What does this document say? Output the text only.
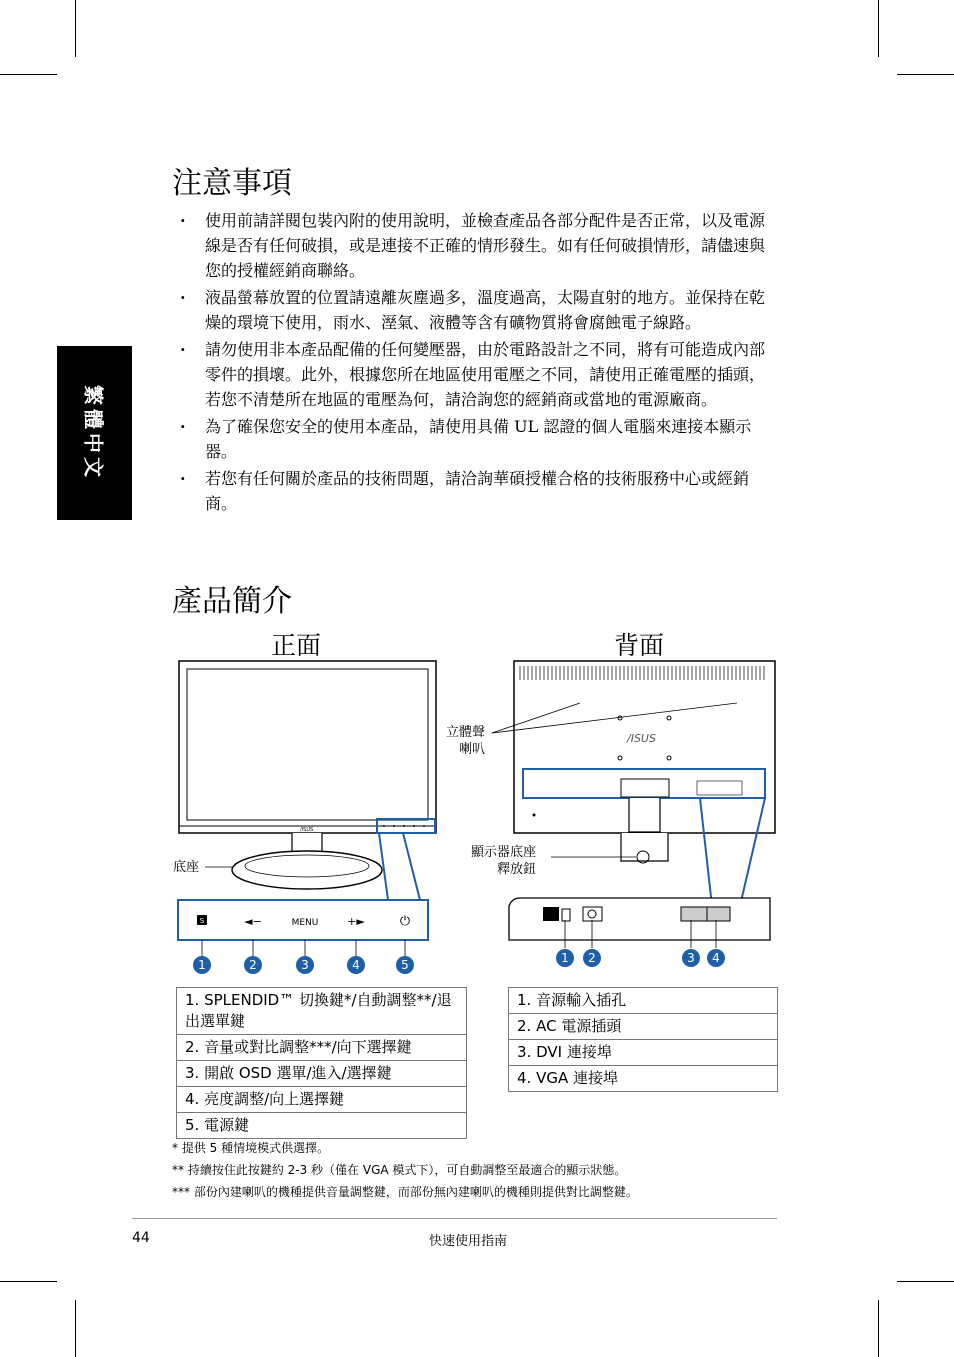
繁體中文
注意事項
· 使用前請詳閱包裝內附的使用說明，並檢查產品各部分配件是否正常，以及電源線是否有任何破損，或是連接不正確的情形發生。如有任何破損情形，請儘速與您的授權經銷商聯絡。
· 液晶螢幕放置的位置請遠離灰塵過多，溫度過高，太陽直射的地方。並保持在乾燥的環境下使用，雨水、溼氣、液體等含有礦物質將會腐蝕電子線路。
· 請勿使用非本產品配備的任何變壓器，由於電路設計之不同，將有可能造成內部零件的損壞。此外，根據您所在地區使用電壓之不同，請使用正確電壓的插頭，若您不清楚所在地區的電壓為何，請洽詢您的經銷商或當地的電源廠商。
· 為了確保您安全的使用本產品，請使用具備 UL 認證的個人電腦來連接本顯示器。
· 若您有任何關於產品的技術問題，請洽詢華碩授權合格的技術服務中心或經銷商。
產品簡介
正面	背面
/ISUS
S	◄−	MENU	+►	⏻
1	2	3	4	5
/ISUS
1 2	3 4
底座
立體聲
喇叭
顯示器底座
釋放鈕
1. SPLENDID™ 切換鍵*/自動調整**/退出選單鍵
2. 音量或對比調整***/向下選擇鍵
3. 開啟 OSD 選單/進入/選擇鍵
4. 亮度調整/向上選擇鍵
5. 電源鍵
1. 音源輸入插孔
2. AC 電源插頭
3. DVI 連接埠
4. VGA 連接埠
* 提供 5 種情境模式供選擇。
** 持續按住此按鍵約 2-3 秒（僅在 VGA 模式下），可自動調整至最適合的顯示狀態。
*** 部份內建喇叭的機種提供音量調整鍵，而部份無內建喇叭的機種則提供對比調整鍵。
44	快速使用指南
